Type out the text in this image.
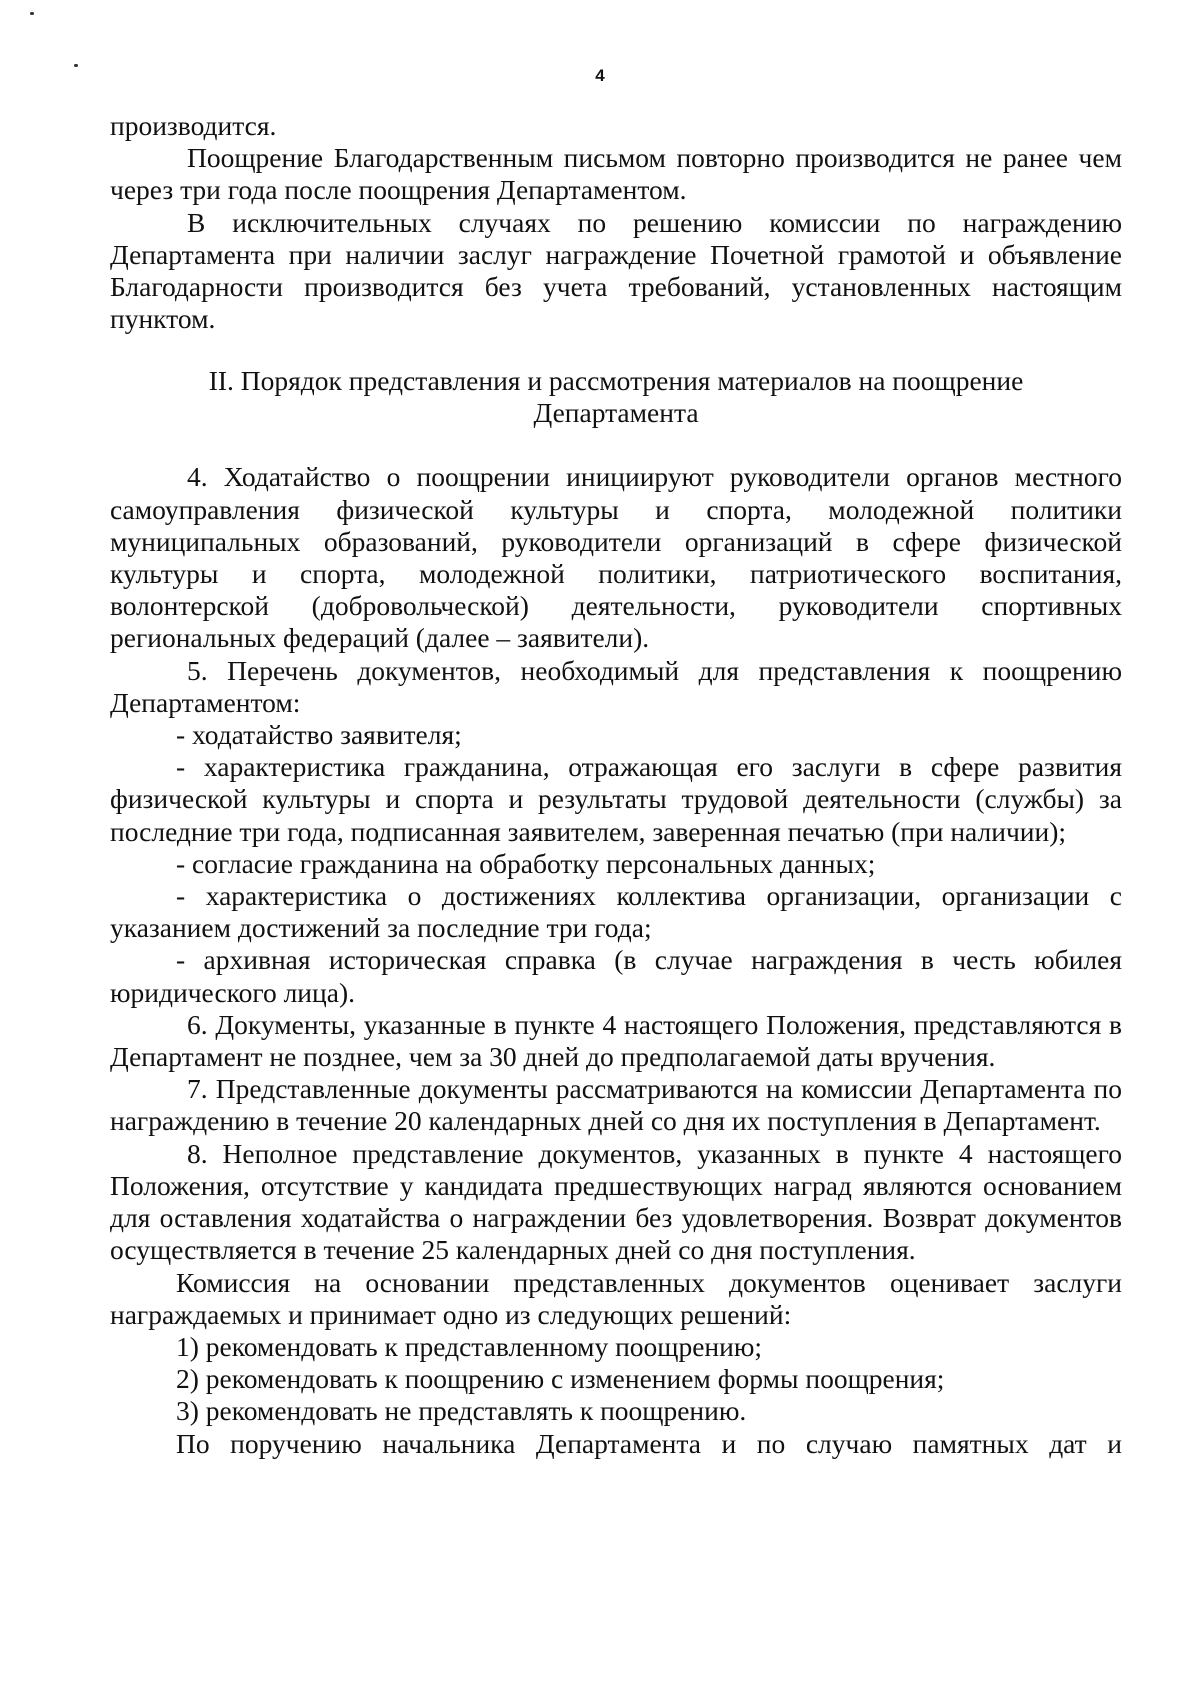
4

производится.

Поощрение Благодарственным письмом повторно производится не ранее чем через три года после поощрения Департаментом.

В исключительных случаях по решению комиссии по награждению Департамента при наличии заслуг награждение Почетной грамотой и объявление Благодарности производится без учета требований, установленных настоящим пунктом.

II. Порядок представления и рассмотрения материалов на поощрение
Департамента

4. Ходатайство о поощрении инициируют руководители органов местного самоуправления физической культуры и спорта, молодежной политики муниципальных образований, руководители организаций в сфере физической культуры и спорта, молодежной политики, патриотического воспитания, волонтерской (добровольческой) деятельности, руководители спортивных региональных федераций (далее – заявители).

5. Перечень документов, необходимый для представления к поощрению Департаментом:

- ходатайство заявителя;

- характеристика гражданина, отражающая его заслуги в сфере развития физической культуры и спорта и результаты трудовой деятельности (службы) за последние три года, подписанная заявителем, заверенная печатью (при наличии);

- согласие гражданина на обработку персональных данных;

- характеристика о достижениях коллектива организации, организации с указанием достижений за последние три года;

- архивная историческая справка (в случае награждения в честь юбилея юридического лица).

6. Документы, указанные в пункте 4 настоящего Положения, представляются в Департамент не позднее, чем за 30 дней до предполагаемой даты вручения.

7. Представленные документы рассматриваются на комиссии Департамента по награждению в течение 20 календарных дней со дня их поступления в Департамент.

8. Неполное представление документов, указанных в пункте 4 настоящего Положения, отсутствие у кандидата предшествующих наград являются основанием для оставления ходатайства о награждении без удовлетворения. Возврат документов осуществляется в течение 25 календарных дней со дня поступления.

Комиссия на основании представленных документов оценивает заслуги награждаемых и принимает одно из следующих решений:

1) рекомендовать к представленному поощрению;

2) рекомендовать к поощрению с изменением формы поощрения;

3) рекомендовать не представлять к поощрению.

По поручению начальника Департамента и по случаю памятных дат и
